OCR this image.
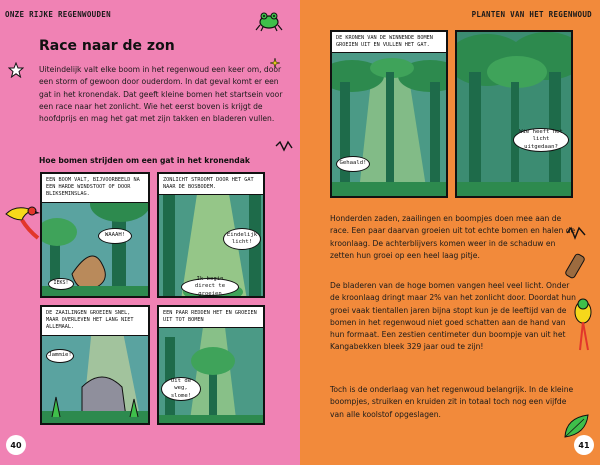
ONZE RIJKE REGENWOUDEN
Race naar de zon
Uiteindelijk valt elke boom in het regenwoud een keer om, door een storm of gewoon door ouderdom. In dat geval komt er een gat in het kronendak. Dat geeft kleine bomen het startsein voor een race naar het zonlicht. Wie het eerst boven is krijgt de hoofdprijs en mag het gat met zijn takken en bladeren vullen.
Hoe bomen strijden om een gat in het kronendak
EEN BOOM VALT, BIJVOORBEELD NA EEN HARDE WINDSTOOT OF DOOR BLIKSEMINSLAG.
WAAAH!
IEKS!
ZONLICHT STROOMT DOOR HET GAT NAAR DE BOSBODEM.
Eindelijk licht!
Ik begin direct te groeien
DE ZAAILINGEN GROEIEN SNEL, MAAR OVERLEVEN HET LANG NIET ALLEMAAL.
Jammie!
EEN PAAR REDDEN HET EN GROEIEN UIT TOT BOMEN
Uit de weg, slome!
40
PLANTEN VAN HET REGENWOUD
DE KRONEN VAN DE WINNENDE BOMEN GROEIEN UIT EN VULLEN HET GAT.
Gehaald!
Wie heeft het licht uitgedaan?
Honderden zaden, zaailingen en boompjes doen mee aan de race. Een paar daarvan groeien uit tot echte bomen en halen de kroonlaag. De achterblijvers komen weer in de schaduw en zetten hun groei op een heel laag pitje.
De bladeren van de hoge bomen vangen heel veel licht. Onder de kroonlaag dringt maar 2% van het zonlicht door. Doordat hun groei vaak tientallen jaren bijna stopt kun je de leeftijd van de bomen in het regenwoud niet goed schatten aan de hand van hun formaat. Een zestien centimeter dun boompje van uit het Kangabekken bleek 329 jaar oud te zijn!
Toch is de onderlaag van het regenwoud belangrijk. In de kleine boompjes, struiken en kruiden zit in totaal toch nog een vijfde van alle koolstof opgeslagen.
41
